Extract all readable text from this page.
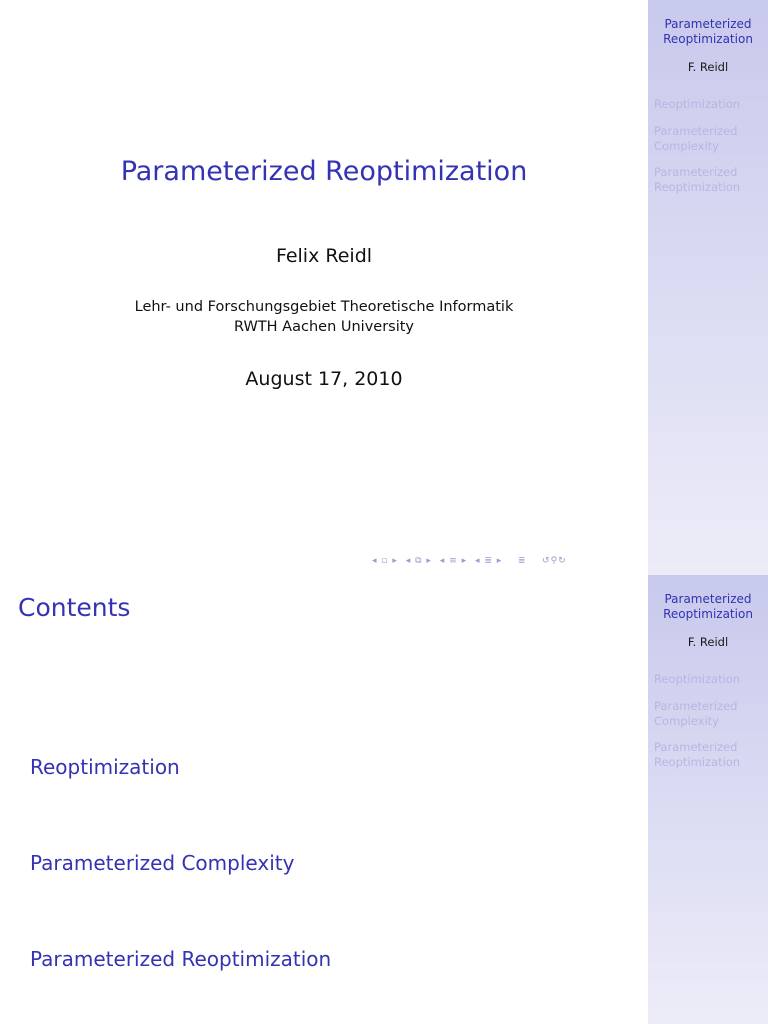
Parameterized
Reoptimization
F. Reidl
Reoptimization
Parameterized
Complexity
Parameterized
Reoptimization
Parameterized Reoptimization
Felix Reidl
Lehr- und Forschungsgebiet Theoretische Informatik
RWTH Aachen University
August 17, 2010
◂ ▫ ▸ ◂ ⧉ ▸ ◂ ≡ ▸ ◂ ≣ ▸   ≣   ↺⚲↻
Parameterized
Reoptimization
F. Reidl
Reoptimization
Parameterized
Complexity
Parameterized
Reoptimization
Contents
Reoptimization
Parameterized Complexity
Parameterized Reoptimization
